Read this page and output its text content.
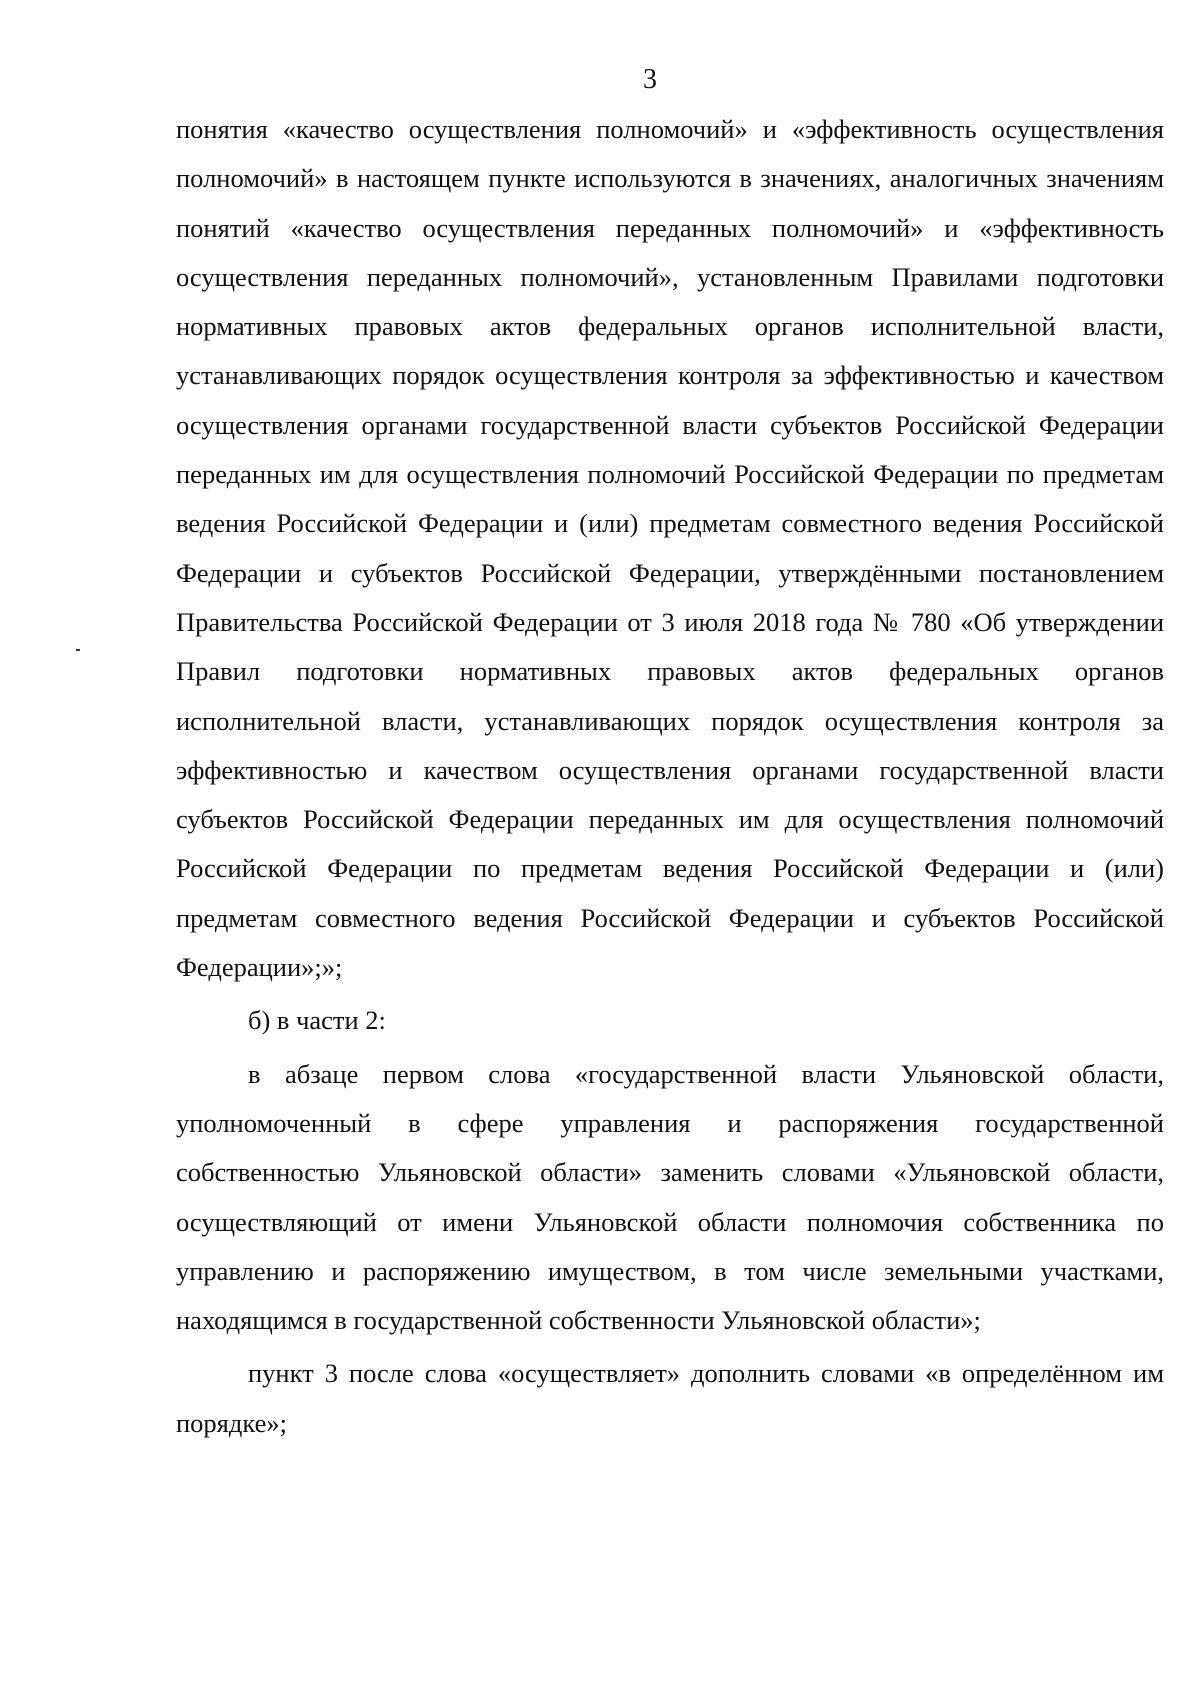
3

понятия «качество осуществления полномочий» и «эффективность осуществления полномочий» в настоящем пункте используются в значениях, аналогичных значениям понятий «качество осуществления переданных полномочий» и «эффективность осуществления переданных полномочий», установленным Правилами подготовки нормативных правовых актов федеральных органов исполнительной власти, устанавливающих порядок осуществления контроля за эффективностью и качеством осуществления органами государственной власти субъектов Российской Федерации переданных им для осуществления полномочий Российской Федерации по предметам ведения Российской Федерации и (или) предметам совместного ведения Российской Федерации и субъектов Российской Федерации, утверждёнными постановлением Правительства Российской Федерации от 3 июля 2018 года № 780 «Об утверждении Правил подготовки нормативных правовых актов федеральных органов исполнительной власти, устанавливающих порядок осуществления контроля за эффективностью и качеством осуществления органами государственной власти субъектов Российской Федерации переданных им для осуществления полномочий Российской Федерации по предметам ведения Российской Федерации и (или) предметам совместного ведения Российской Федерации и субъектов Российской Федерации»;»;

б) в части 2:

в абзаце первом слова «государственной власти Ульяновской области, уполномоченный в сфере управления и распоряжения государственной собственностью Ульяновской области» заменить словами «Ульяновской области, осуществляющий от имени Ульяновской области полномочия собственника по управлению и распоряжению имуществом, в том числе земельными участками, находящимся в государственной собственности Ульяновской области»;

пункт 3 после слова «осуществляет» дополнить словами «в определённом им порядке»;
